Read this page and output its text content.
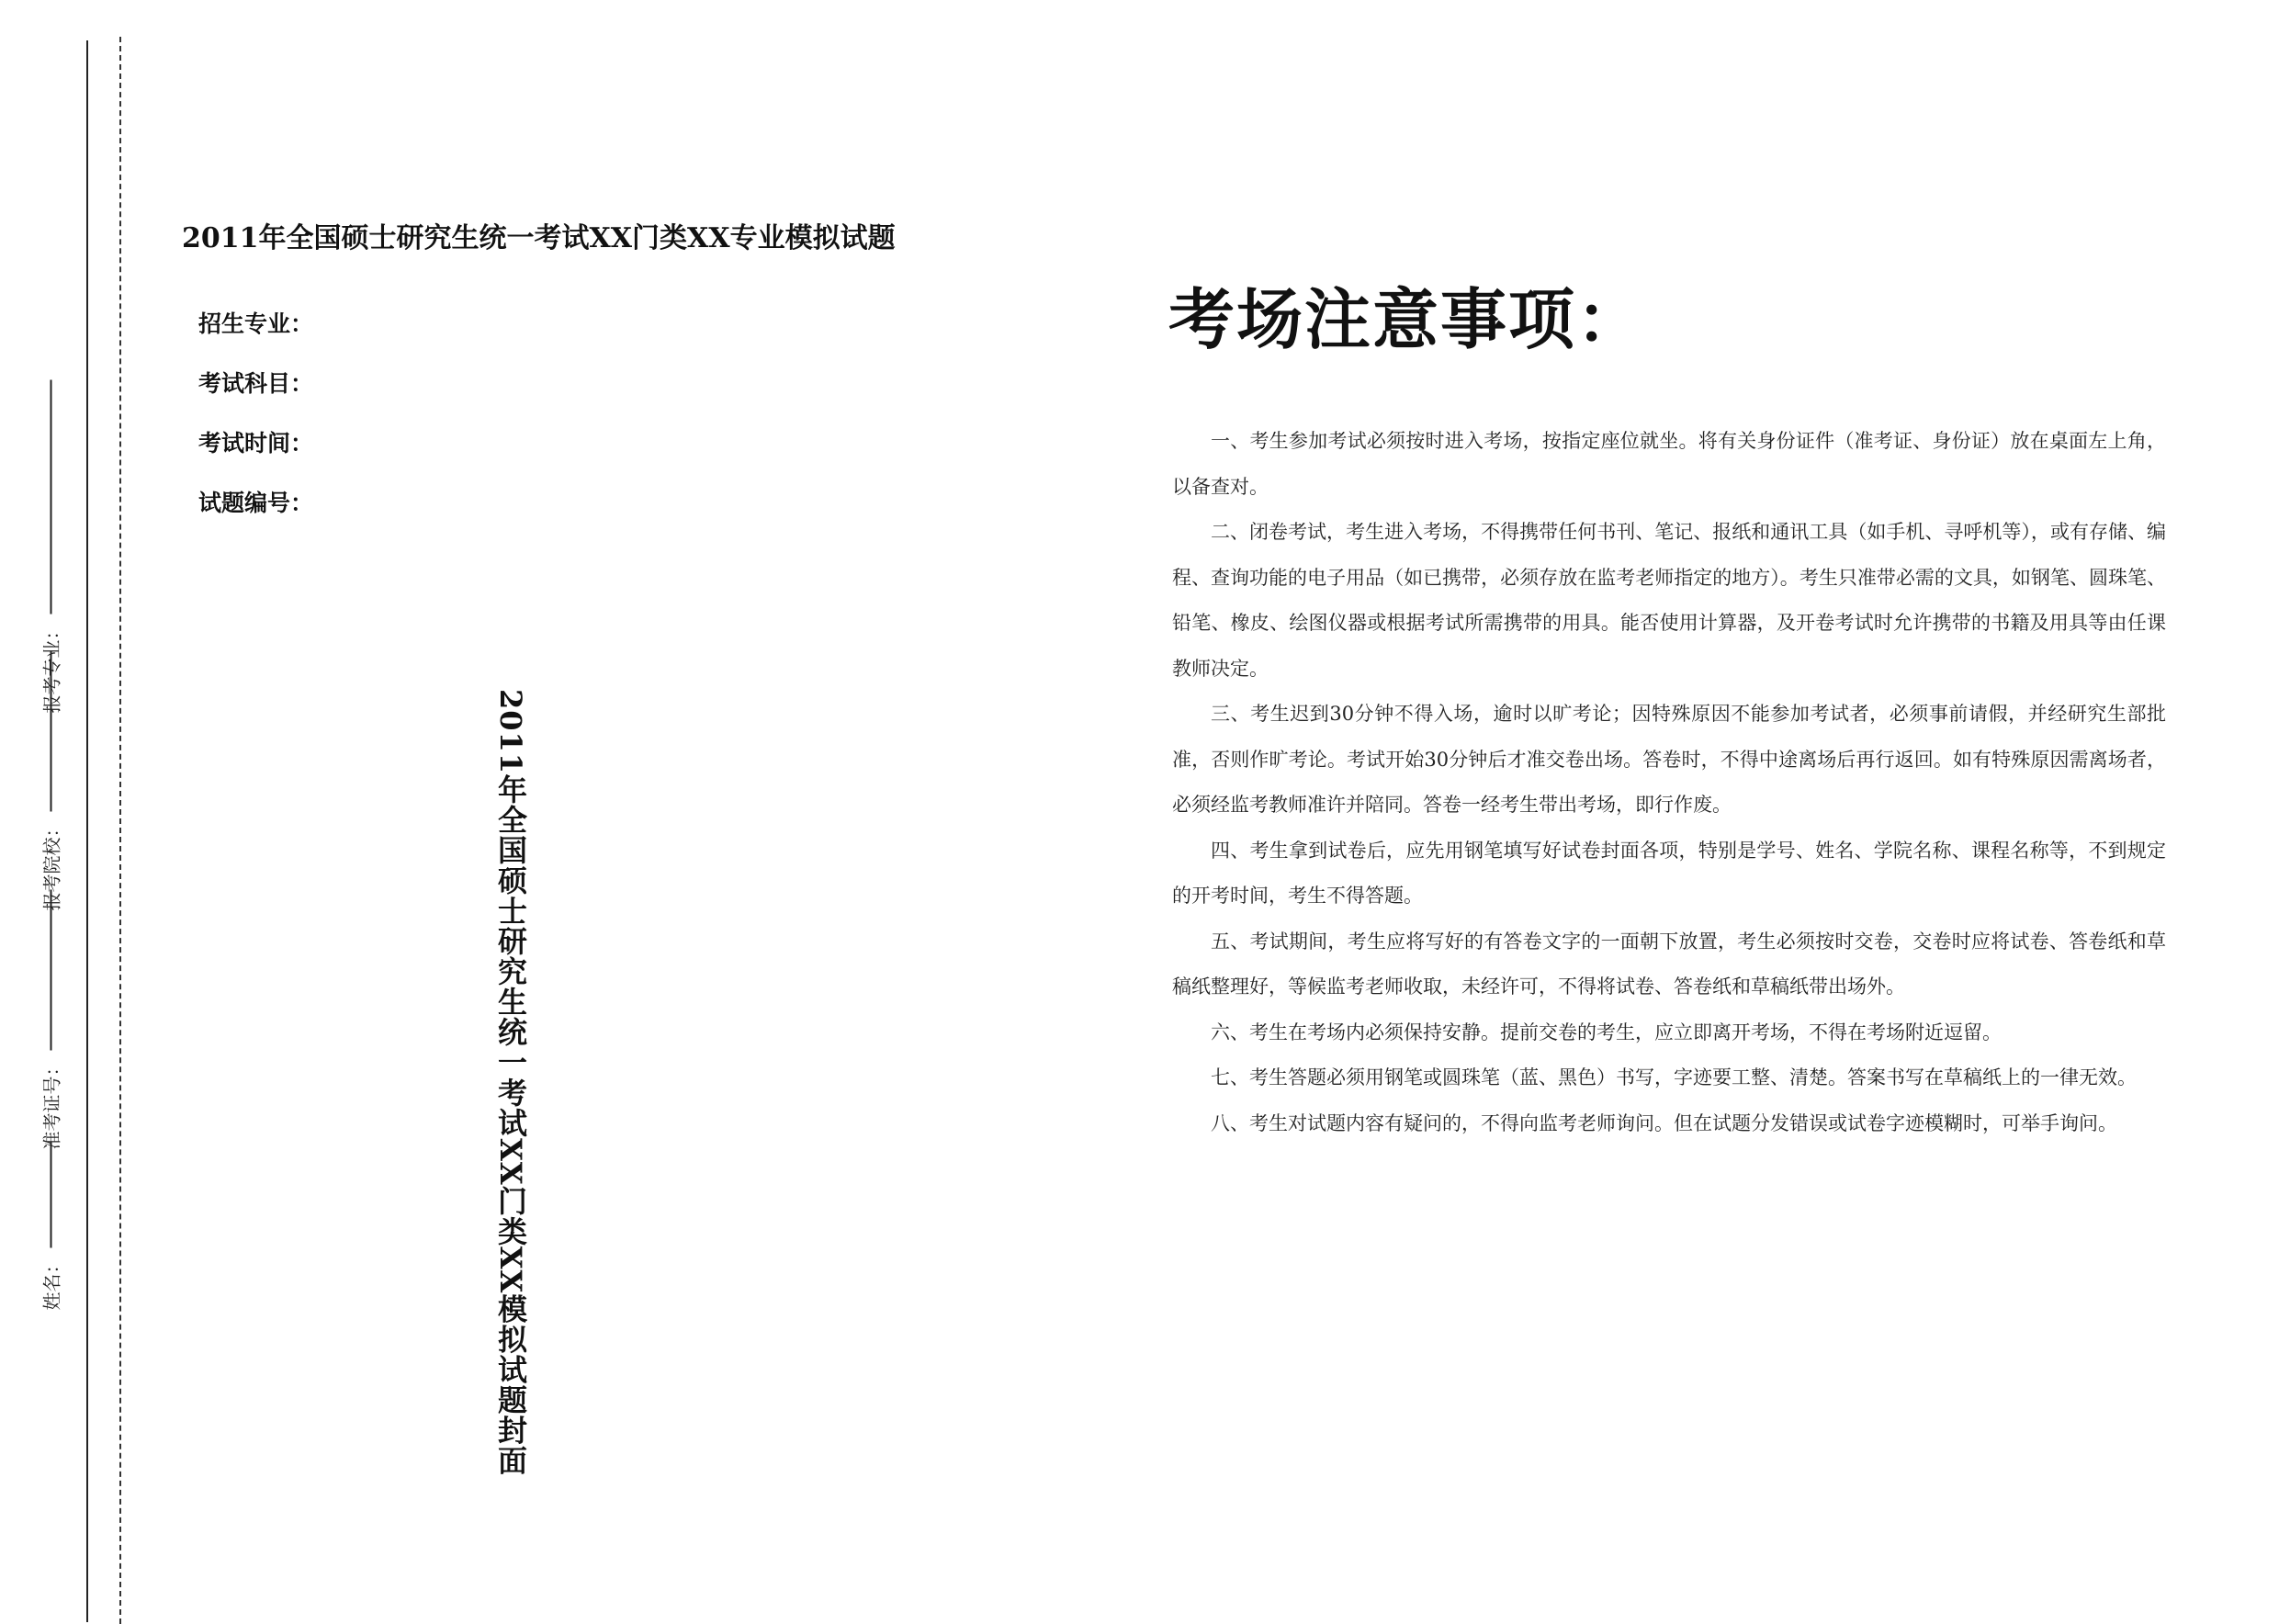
报考专业：
报考院校：
准考证号：
姓名：
2011年全国硕士研究生统一考试XX门类XX专业模拟试题
招生专业：
考试科目：
考试时间：
试题编号：
2011年全国硕士研究生统一考试XX门类XX模拟试题封面
考场注意事项：
一、考生参加考试必须按时进入考场，按指定座位就坐。将有关身份证件（准考证、身份证）放在桌面左上角，以备查对。
二、闭卷考试，考生进入考场，不得携带任何书刊、笔记、报纸和通讯工具（如手机、寻呼机等），或有存储、编程、查询功能的电子用品（如已携带，必须存放在监考老师指定的地方）。考生只准带必需的文具，如钢笔、圆珠笔、铅笔、橡皮、绘图仪器或根据考试所需携带的用具。能否使用计算器，及开卷考试时允许携带的书籍及用具等由任课教师决定。
三、考生迟到30分钟不得入场，逾时以旷考论；因特殊原因不能参加考试者，必须事前请假，并经研究生部批准，否则作旷考论。考试开始30分钟后才准交卷出场。答卷时，不得中途离场后再行返回。如有特殊原因需离场者，必须经监考教师准许并陪同。答卷一经考生带出考场，即行作废。
四、考生拿到试卷后，应先用钢笔填写好试卷封面各项，特别是学号、姓名、学院名称、课程名称等，不到规定的开考时间，考生不得答题。
五、考试期间，考生应将写好的有答卷文字的一面朝下放置，考生必须按时交卷，交卷时应将试卷、答卷纸和草稿纸整理好，等候监考老师收取，未经许可，不得将试卷、答卷纸和草稿纸带出场外。
六、考生在考场内必须保持安静。提前交卷的考生，应立即离开考场，不得在考场附近逗留。
七、考生答题必须用钢笔或圆珠笔（蓝、黑色）书写，字迹要工整、清楚。答案书写在草稿纸上的一律无效。
八、考生对试题内容有疑问的，不得向监考老师询问。但在试题分发错误或试卷字迹模糊时，可举手询问。
